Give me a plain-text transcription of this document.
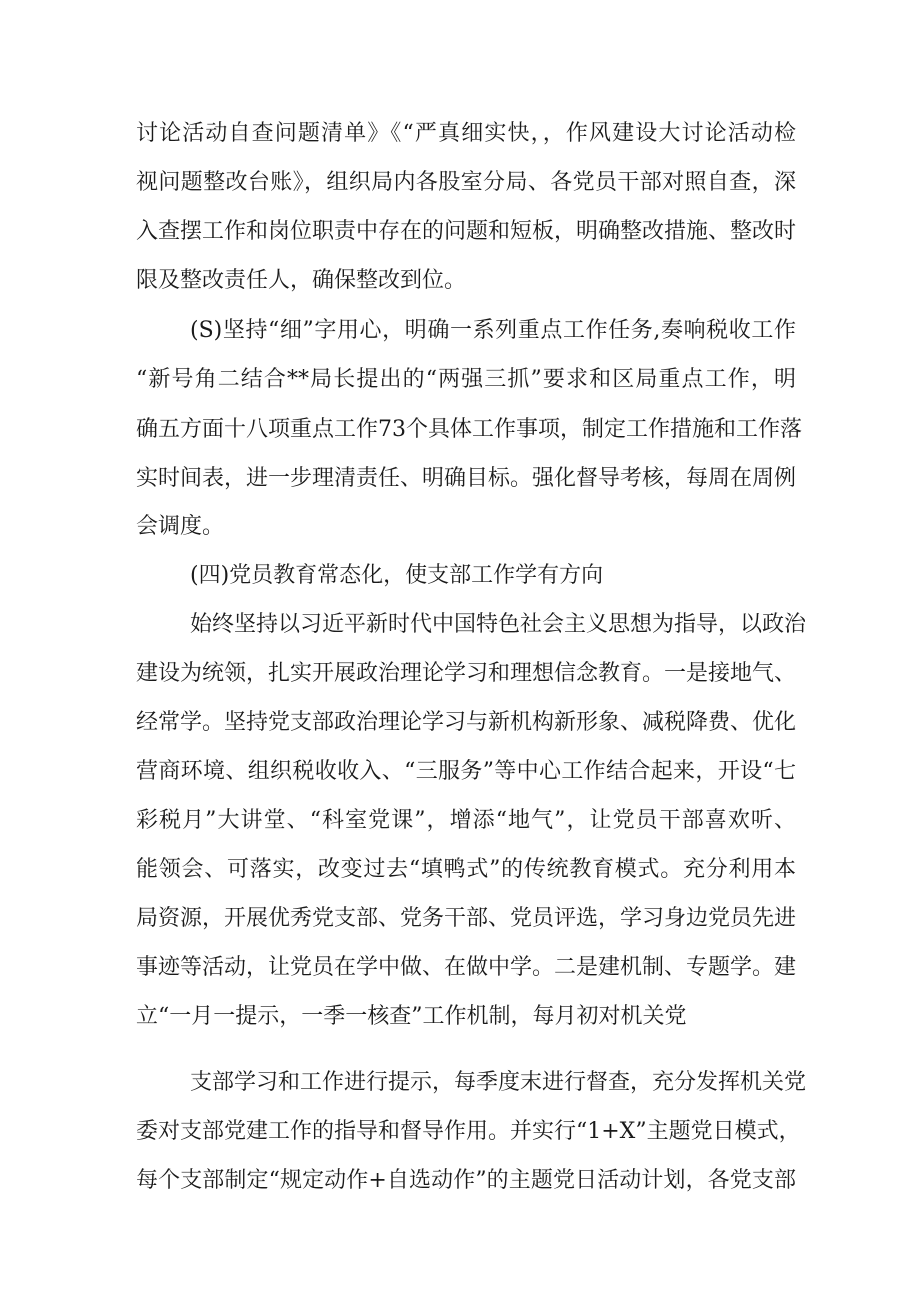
讨论活动自查问题清单》《“严真细实快，，作风建设大讨论活动检
视问题整改台账》，组织局内各股室分局、各党员干部对照自查，深
入查摆工作和岗位职责中存在的问题和短板，明确整改措施、整改时
限及整改责任人，确保整改到位。
(S)坚持“细”字用心，明确一系列重点工作任务,奏响税收工作
“新号角二结合**局长提出的“两强三抓”要求和区局重点工作，明
确五方面十八项重点工作73个具体工作事项，制定工作措施和工作落
实时间表，进一步理清责任、明确目标。强化督导考核，每周在周例
会调度。
(四)党员教育常态化，使支部工作学有方向
始终坚持以习近平新时代中国特色社会主义思想为指导，以政治
建设为统领，扎实开展政治理论学习和理想信念教育。一是接地气、
经常学。坚持党支部政治理论学习与新机构新形象、减税降费、优化
营商环境、组织税收收入、“三服务”等中心工作结合起来，开设“七
彩税月”大讲堂、“科室党课”，增添“地气”，让党员干部喜欢听、
能领会、可落实，改变过去“填鸭式”的传统教育模式。充分利用本
局资源，开展优秀党支部、党务干部、党员评选，学习身边党员先进
事迹等活动，让党员在学中做、在做中学。二是建机制、专题学。建
立“一月一提示，一季一核查”工作机制，每月初对机关党
支部学习和工作进行提示，每季度末进行督查，充分发挥机关党
委对支部党建工作的指导和督导作用。并实行“1+X”主题党日模式，
每个支部制定“规定动作+自选动作”的主题党日活动计划，各党支部
